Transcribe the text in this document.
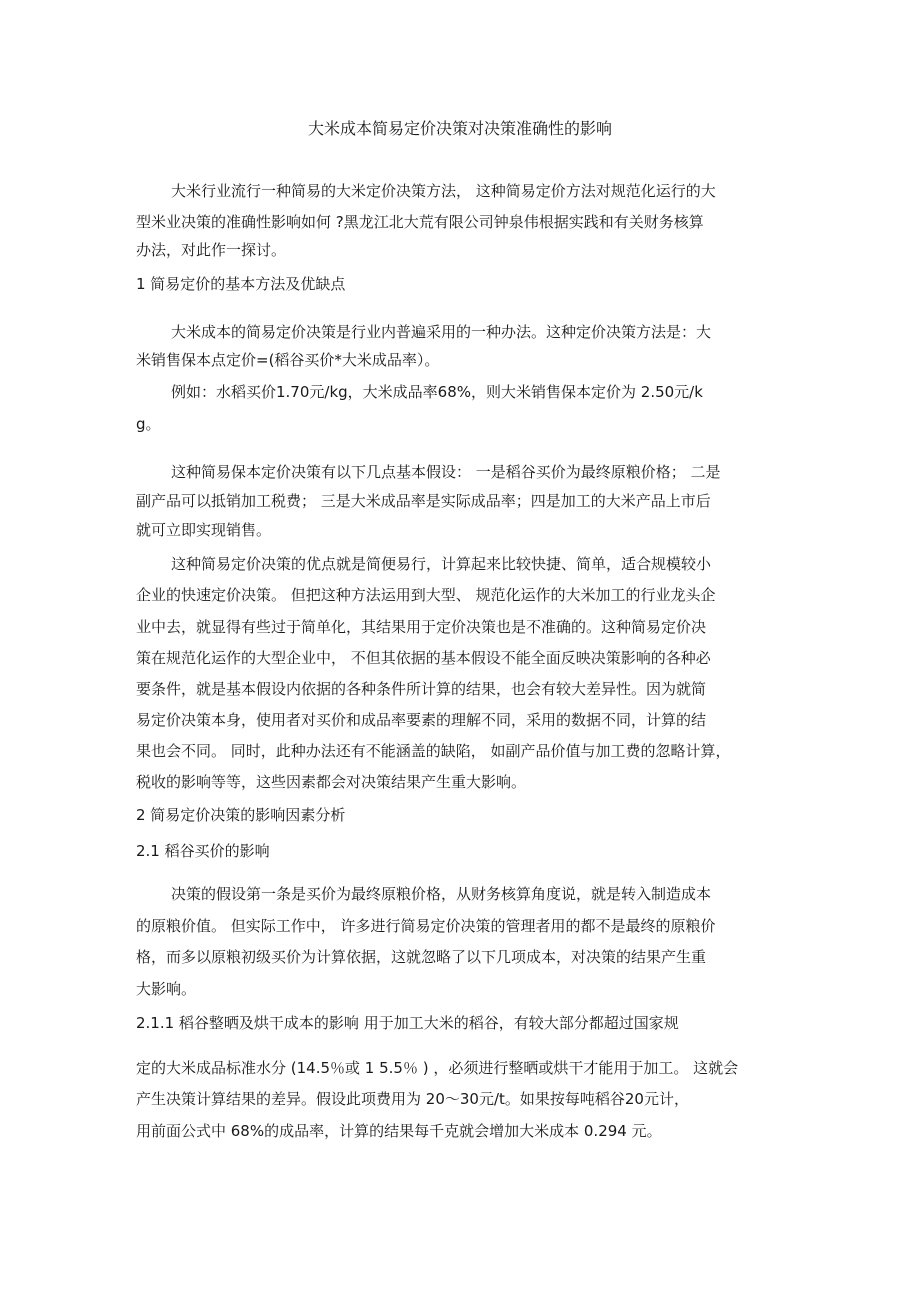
大米成本简易定价决策对决策准确性的影响
大米行业流行一种简易的大米定价决策方法， 这种简易定价方法对规范化运行的大
型米业决策的准确性影响如何 ?黑龙江北大荒有限公司钟泉伟根据实践和有关财务核算
办法，对此作一探讨。
1 简易定价的基本方法及优缺点
大米成本的简易定价决策是行业内普遍采用的一种办法。这种定价决策方法是：大
米销售保本点定价=(稻谷买价*大米成品率）。
例如：水稻买价1.70元/kg，大米成品率68%，则大米销售保本定价为 2.50元/k
g。
这种简易保本定价决策有以下几点基本假设： 一是稻谷买价为最终原粮价格； 二是
副产品可以抵销加工税费； 三是大米成品率是实际成品率；四是加工的大米产品上市后
就可立即实现销售。
这种简易定价决策的优点就是简便易行，计算起来比较快捷、简单，适合规模较小
企业的快速定价决策。 但把这种方法运用到大型、 规范化运作的大米加工的行业龙头企
业中去，就显得有些过于简单化，其结果用于定价决策也是不准确的。这种简易定价决
策在规范化运作的大型企业中， 不但其依据的基本假设不能全面反映决策影响的各种必
要条件，就是基本假设内依据的各种条件所计算的结果，也会有较大差异性。因为就简
易定价决策本身，使用者对买价和成品率要素的理解不同，采用的数据不同，计算的结
果也会不同。 同时，此种办法还有不能涵盖的缺陷， 如副产品价值与加工费的忽略计算，
税收的影响等等，这些因素都会对决策结果产生重大影响。
2 简易定价决策的影响因素分析
2.1 稻谷买价的影响
决策的假设第一条是买价为最终原粮价格，从财务核算角度说，就是转入制造成本
的原粮价值。 但实际工作中， 许多进行简易定价决策的管理者用的都不是最终的原粮价
格，而多以原粮初级买价为计算依据，这就忽略了以下几项成本，对决策的结果产生重
大影响。
2.1.1 稻谷整晒及烘干成本的影响 用于加工大米的稻谷，有较大部分都超过国家规
定的大米成品标准水分 (14.5％或 1 5.5％ ) ，必须进行整晒或烘干才能用于加工。 这就会
产生决策计算结果的差异。假设此项费用为 20～30元/t。如果按每吨稻谷20元计，
用前面公式中 68%的成品率，计算的结果每千克就会增加大米成本 0.294 元。
